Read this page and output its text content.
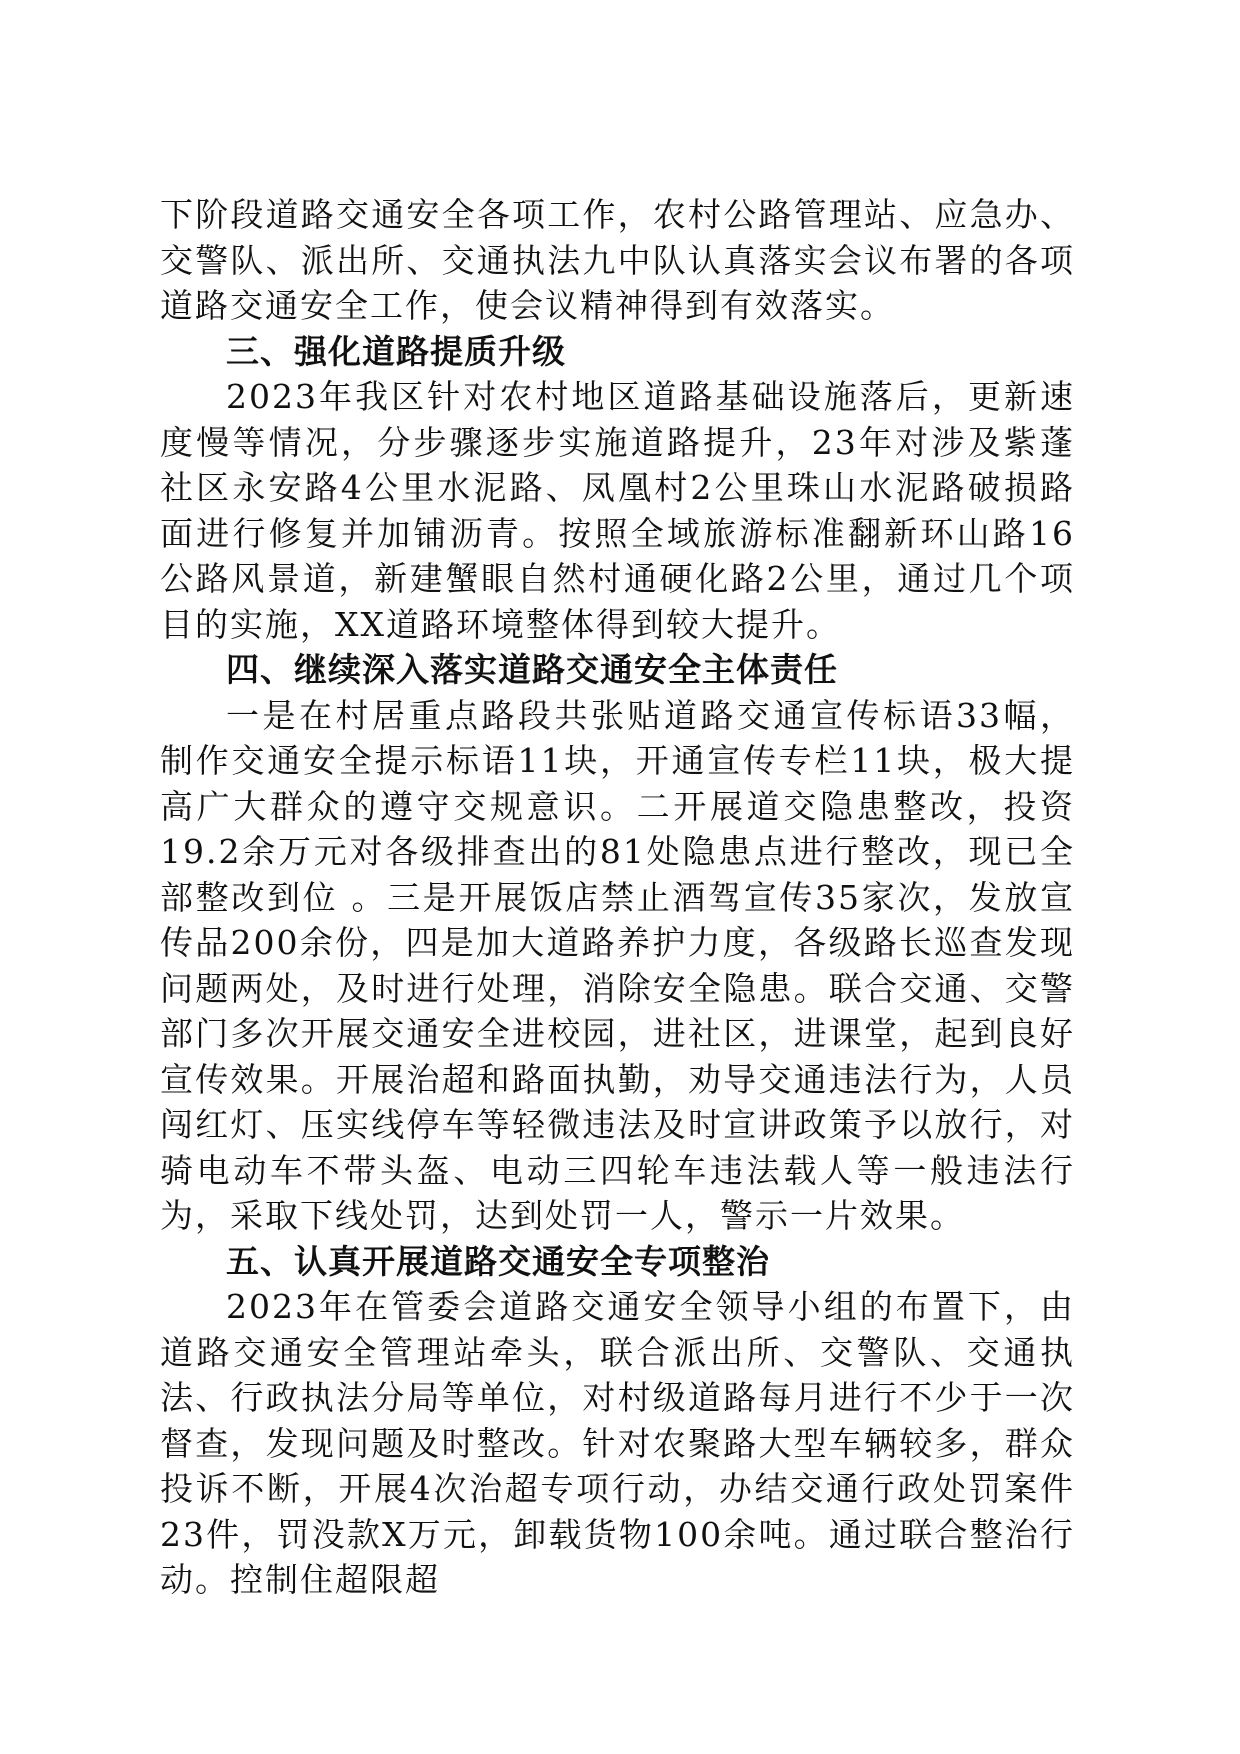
下阶段道路交通安全各项工作，农村公路管理站、应急办、交警队、派出所、交通执法九中队认真落实会议布署的各项道路交通安全工作，使会议精神得到有效落实。

三、强化道路提质升级

2023年我区针对农村地区道路基础设施落后，更新速度慢等情况，分步骤逐步实施道路提升，23年对涉及紫蓬社区永安路4公里水泥路、凤凰村2公里珠山水泥路破损路面进行修复并加铺沥青。按照全域旅游标准翻新环山路16公路风景道，新建蟹眼自然村通硬化路2公里，通过几个项目的实施，XX道路环境整体得到较大提升。

四、继续深入落实道路交通安全主体责任

一是在村居重点路段共张贴道路交通宣传标语33幅，制作交通安全提示标语11块，开通宣传专栏11块，极大提高广大群众的遵守交规意识。二开展道交隐患整改，投资19.2余万元对各级排查出的81处隐患点进行整改，现已全部整改到位 。三是开展饭店禁止酒驾宣传35家次，发放宣传品200余份，四是加大道路养护力度，各级路长巡查发现问题两处，及时进行处理，消除安全隐患。联合交通、交警部门多次开展交通安全进校园，进社区，进课堂，起到良好宣传效果。开展治超和路面执勤，劝导交通违法行为，人员闯红灯、压实线停车等轻微违法及时宣讲政策予以放行，对骑电动车不带头盔、电动三四轮车违法载人等一般违法行为，采取下线处罚，达到处罚一人，警示一片效果。

五、认真开展道路交通安全专项整治

2023年在管委会道路交通安全领导小组的布置下，由道路交通安全管理站牵头，联合派出所、交警队、交通执法、行政执法分局等单位，对村级道路每月进行不少于一次督查，发现问题及时整改。针对农聚路大型车辆较多，群众投诉不断，开展4次治超专项行动，办结交通行政处罚案件23件，罚没款X万元，卸载货物100余吨。通过联合整治行动。控制住超限超
